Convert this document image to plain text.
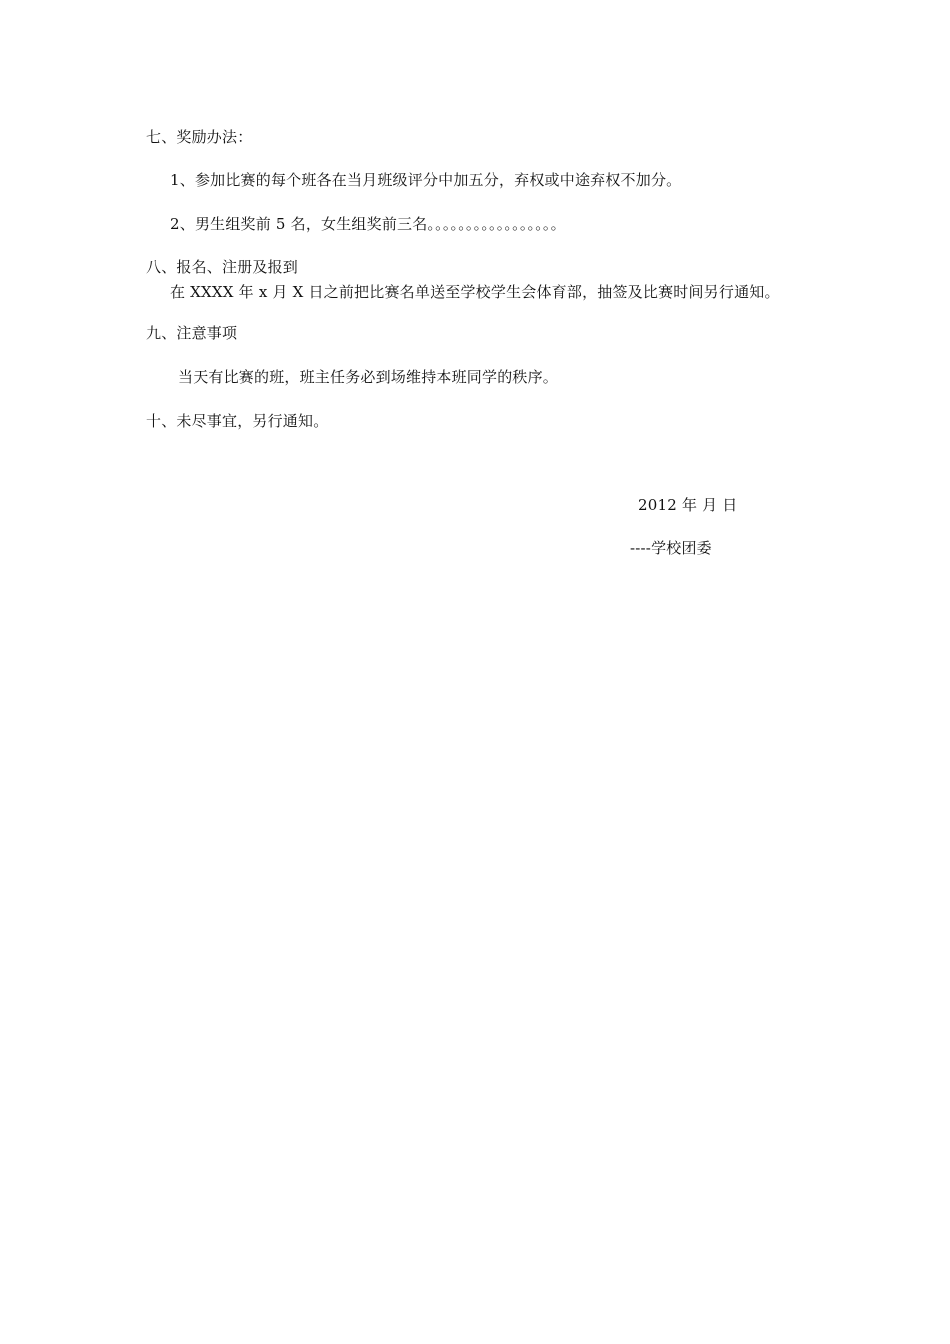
七、奖励办法：
1、参加比赛的每个班各在当月班级评分中加五分，弃权或中途弃权不加分。
2、男生组奖前 5 名，女生组奖前三名。。。。。。。。。。。。。。。。。
八、报名、注册及报到
在 XXXX 年 x 月 X 日之前把比赛名单送至学校学生会体育部，抽签及比赛时间另行通知。
九、注意事项
当天有比赛的班，班主任务必到场维持本班同学的秩序。
十、未尽事宜，另行通知。
2012 年 月 日
----学校团委
